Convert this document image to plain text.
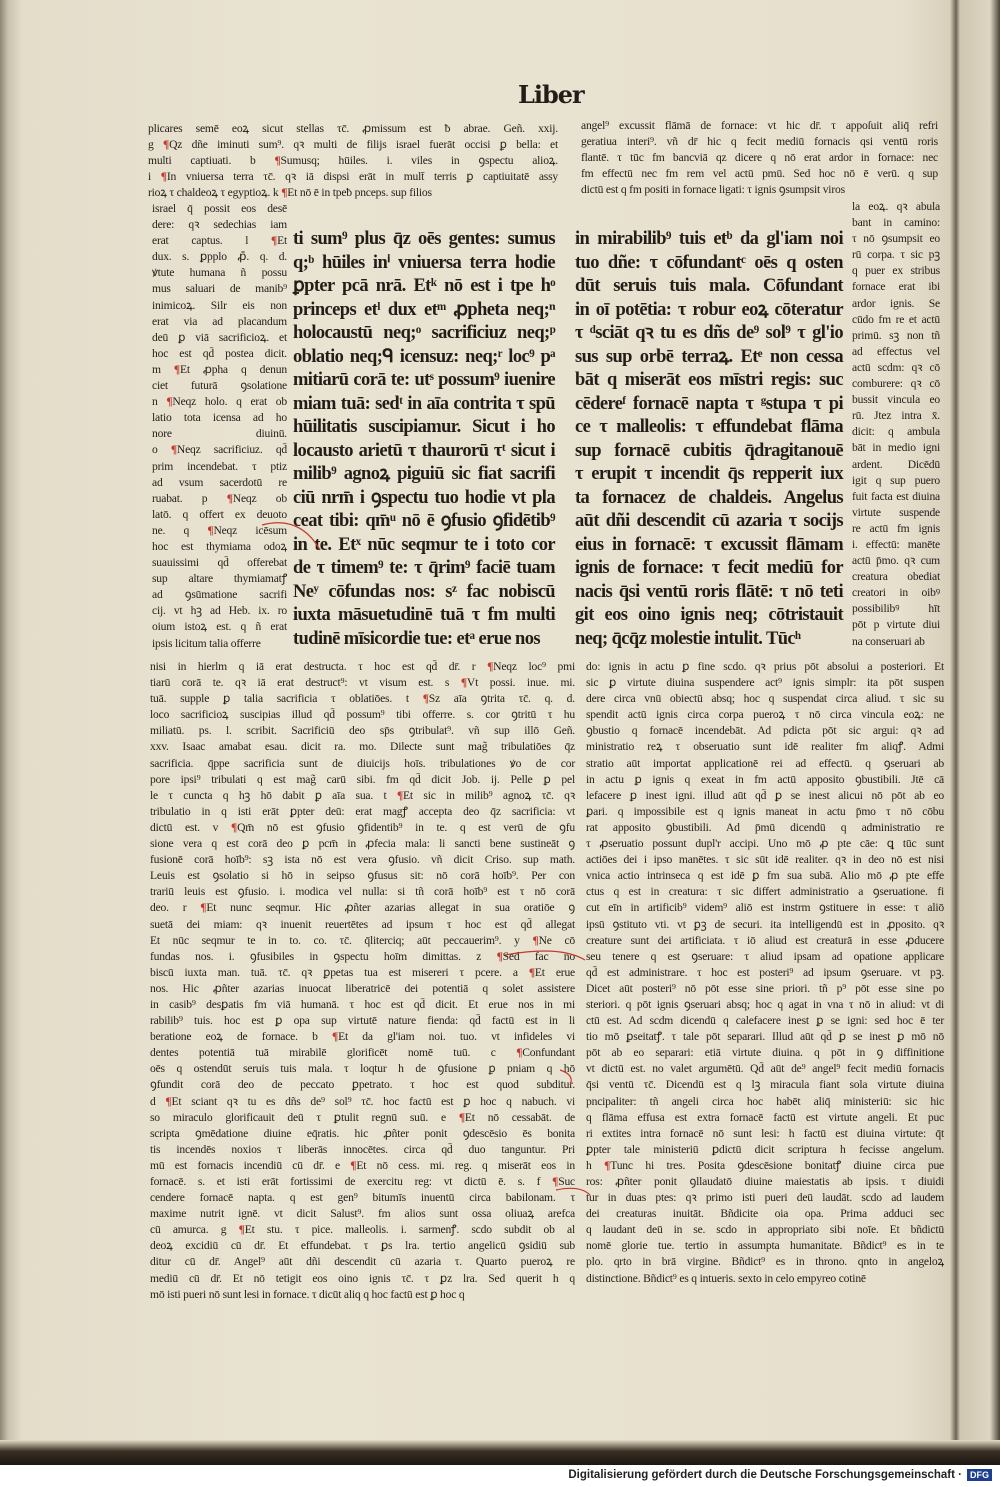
Liber
plicares semē eoꝝ sicut stellas τc̄. ꝓmissum est ƀ abrae. Geñ. xxij.
g ¶Qz dñe iminuti sum⁹. qꝛ multi de filijs israel fuerāt occisi ꝑ bella: et
multi captiuati. b ¶Sumusq; hūiles. i. viles in ꝯspectu alioꝝ.
i ¶In vniuersa terra τc̄. qꝛ iā dispsi erāt in mult̄ terris ꝑ captiuitatē assy
rioꝝ τ chaldeoꝝ τ egyptioꝝ. k ¶Et nō ē in tpeƀ pnceps. sup filios
israel q̄ possit eos desē
dere: qꝛ sedechias iam
erat captus. l ¶Et
dux. s. ꝑpplo ꝓ̄. q. d.
ꝟtute humana ñ possu
mus saluari de manib⁹
inimicoꝝ. Silr eis non
erat via ad placandum
deū ꝑ viā sacrificioꝝ. et
hoc est qd̄ postea dicit.
m ¶Et ꝓpha q denun
ciet futurā ꝯsolatione
n ¶Neqz holo. q erat ob
latio tota icensa ad ho
nore diuinū.
o ¶Neqz sacrificiuz. qd̄
prim incendebat. τ ptiz
ad vsum sacerdotū re
ruabat. p ¶Neqz ob
latō. q offert ex deuoto
ne. q ¶Neqz icēsum
hoc est thymiama odoꝝ
suauissimi qd̄ offerebat
sup altare thymiamatꝭ
ad ꝯsūmatione sacrifi
cij. vt hꝫ ad Heb. ix. ro
oium istoꝝ est. q ñ erat
ipsis licitum talia offerre
ti sum⁹ plus q̄z oēs gentes: sumus
q;ᵇ hūiles inⁱ vniuersa terra hodie
ꝑpter pcā nrā. Etᵏ nō est i tpe hᵒ
princeps etˡ dux etᵐ ꝓpheta neq;ⁿ
holocaustū neq;ᵒ sacrificiuz neq;ᵖ
oblatio neq;ᑫ icensuz: neq;ʳ loc⁹ pᵃ
mitiarū corā te: utˢ possum⁹ iuenire
miam tuā: sedᵗ in aīa contrita τ spū
hūilitatis suscipiamur. Sicut i ho
locausto arietū τ thaurorū τᵗ sicut i
milib⁹ agnoꝝ piguiū sic fiat sacrifi
ciū nrm̄ i ꝯspectu tuo hodie vt pla
ceat tibi: qm̄ᵘ nō ē ꝯfusio ꝯfidētib⁹
in te. Etˣ nūc seqmur te i toto cor
de τ timem⁹ te: τ q̄rim⁹ faciē tuam
Neʸ cōfundas nos: sᶻ fac nobiscū
iuxta māsuetudinē tuā τ fm multi
tudinē mīsicordie tue: etᵃ erue nos
in mirabilib⁹ tuis etᵇ da gl'iam noi
tuo dñe: τ cōfundantᶜ oēs q osten
dūt seruis tuis mala. Cōfundant
in oī potētia: τ robur eoꝝ cōteratur
τ ᵈsciāt qꝛ tu es dñs de⁹ sol⁹ τ gl'io
sus sup orbē terraꝝ. Etᵉ non cessa
bāt q miserāt eos mīstri regis: suc
cēdereᶠ fornacē napta τ ᵍstupa τ pi
ce τ malleolis: τ effundebat flāma
sup fornacē cubitis q̄dragitanouē
τ erupit τ incendit q̄s repperit iux
ta fornacez de chaldeis. Angelus
aūt dñi descendit cū azaria τ socijs
eius in fornacē: τ excussit flāmam
ignis de fornace: τ fecit mediū for
nacis q̄si ventū roris flātē: τ nō teti
git eos oino ignis neq; cōtristauit
neq; q̄cq̄z molestie intulit. Tūcʰ
angel⁹ excussit flāmā de fornace: vt hic dr̄. τ appoſuit aliq̄ refri
geratiua interi⁹. vñ dr̄ hic q fecit mediū fornacis qsi ventū roris
flantē. τ tūc fm bancviā qz dicere q nō erat ardor in fornace: nec
fm effectū nec fm rem vel actū pmū. Sed hoc nō ē verū. q sup
dictū est q fm positi in fornace ligati: τ ignis ꝯsumpsit viros
la eoꝝ. qꝛ abula
bant in camino:
τ nō ꝯsumpsit eo
rū corpa. τ sic pꝫ
q puer ex stribus
fornace erat ibi
ardor ignis. Se
cūdo fm re et actū
primū. sꝫ non tñ
ad effectus vel
actū scdm: qꝛ cō
comburere: qꝛ cō
bussit vincula eo
rū. Jtez intra x̄.
dicit: q ambula
bāt in medio igni
ardent. Dicēdū
igit q sup puero
fuit facta est diuina
virtute suspende
re actū fm ignis
i. effectū: manēte
actū p̄mo. qꝛ cum
creatura obediat
creatori in oibꝰ
possibilibꝰ hīt
pōt p virtute diui
na conseruari ab
nisi in hierlm q iā erat destructa. τ hoc est qd̄ dr̄. r ¶Neqz loc⁹ pmi
tiarū corā te. qꝛ iā erat destruct⁹: vt visum est. s ¶Vt possi. inue. mi.
tuā. supple ꝑ talia sacrificia τ oblatiōes. t ¶Sz aīa ꝯtrita τc̄. q. d.
loco sacrificioꝝ suscipias illud qd̄ possum⁹ tibi offerre. s. cor ꝯtritū τ hu
miliatū. ps. l. scribit. Sacrificiū deo sp̄s ꝯtribulat⁹. vñ sup illō Geñ.
xxv. Isaac amabat esau. dicit ra. mo. Dilecte sunt mag̃ tribulatiōes q̄z
sacrificia. q̄ppe sacrificia sunt de diuicijs hoīs. tribulationes ꝟo de cor
pore ipsi⁹ tribulati q est mag̃ carū sibi. fm qd̄ dicit Job. ij. Pelle ꝑ pel
le τ cuncta q hꝫ hō dabit ꝑ aīa sua. t ¶Et sic in milib⁹ agnoꝝ τc̄. qꝛ
tribulatio in q isti erāt ꝑpter deū: erat magꝭ accepta deo q̄z sacrificia: vt
dictū est. v ¶Qm̄ nō est ꝯfusio ꝯfidentib⁹ in te. q est verū de ꝯfu
sione vera q est corā deo ꝑ pcm̄ in ꝓfecia mala: li sancti bene sustineāt ꝯ
fusionē corā hoīb⁹: sꝫ ista nō est vera ꝯfusio. vñ dicit Criso. sup math.
Leuis est ꝯsolatio si hō in seipso ꝯfusus sit: nō corā hoīb⁹. Per con
trariū leuis est ꝯfusio. i. modica vel nulla: si tñ corā hoīb⁹ est τ nō corā
deo. r ¶Et nunc seqmur. Hic ꝓñter azarias allegat in sua oratiōe ꝯ
suetā dei miam: qꝛ inuenit reuertētes ad ipsum τ hoc est qd̄ allegat
Et nūc seqmur te in to. co. τc̄. q̄literciq; aūt peccauerim⁹. y ¶Ne cō
fundas nos. i. ꝯfusibiles in ꝯspectu hoīm dimittas. z ¶Sed fac no
biscū iuxta man. tuā. τc̄. qꝛ ꝑpetas tua est misereri τ pcere. a ¶Et erue
nos. Hic ꝓñter azarias inuocat liberatricē dei potentiā q solet assistere
in casib⁹ desꝑatis fm viā humanā. τ hoc est qd̄ dicit. Et erue nos in mi
rabilib⁹ tuis. hoc est ꝑ opa sup virtutē nature fienda: qd̄ factū est in li
beratione eoꝝ de fornace. b ¶Et da gl'iam noi. tuo. vt infideles vi
dentes potentiā tuā mirabilē glorificēt nomē tuū. c ¶Confundant
oēs q ostendūt seruis tuis mala. τ loqtur h de ꝯfusione ꝑ pniam q hō
ꝯfundit corā deo de peccato ꝑpetrato. τ hoc est quod subditur.
d ¶Et sciant qꝛ tu es dñs de⁹ sol⁹ τc̄. hoc factū est ꝑ hoc q nabuch. vi
so miraculo glorificauit deū τ ꝑtulit regnū suū. e ¶Et nō cessabāt. de
scripta ꝯmēdatione diuine eq̄ratis. hic ꝓñter ponit ꝯdescēsio ēs bonita
tis incendēs noxios τ liberās innocētes. circa qd̄ duo tanguntur. Pri
mū est fornacis incendiū cū dr̄. e ¶Et nō cess. mi. reg. q miserāt eos in
fornacē. s. et isti erāt fortissimi de exercitu reg: vt dictū ē. s. f ¶Suc
cendere fornacē napta. q est gen⁹ bitumīs inuentū circa babilonam. τ
maxime nutrit ignē. vt dicit Salust⁹. fm alios sunt ossa oliuaꝝ arefca
cū amurca. g ¶Et stu. τ pice. malleolis. i. sarmenꝭ. scdo subdit ob al
deoꝝ excidiū cū dr̄. Et effundebat. τ ꝑs lra. tertio angelicū ꝯsidiū sub
ditur cū dr̄. Angel⁹ aūt dñi descendit cū azaria τ. Quarto pueroꝝ re
mediū cū dr̄. Et nō tetigit eos oino ignis τc̄. τ ꝑz lra. Sed querit h q
mō isti pueri nō sunt lesi in fornace. τ dicūt aliq q hoc factū est ꝑ hoc q
do: ignis in actu ꝑ fine scdo. qꝛ prius pōt absolui a posteriori. Et
sic ꝑ virtute diuina suspendere act⁹ ignis simplr: ita pōt suspen
dere circa vnū obiectū absq; hoc q suspendat circa aliud. τ sic su
spendit actū ignis circa corpa pueroꝝ τ nō circa vincula eoꝝ: ne
ꝯbustio q fornacē incendebāt. Ad pdicta pōt sic argui: qꝛ ad
ministratio reꝝ τ obseruatio sunt idē realiter fm aliqꝭ. Admi
stratio aūt importat applicationē rei ad effectū. q ꝯseruari ab
in actu ꝑ ignis q exeat in fm actū apposito ꝯbustibili. Jtē cā
lefacere ꝑ inest igni. illud aūt qd̄ ꝑ se inest alicui nō pōt ab eo
ꝑari. q impossibile est q ignis maneat in actu p̄mo τ nō cōbu
rat apposito ꝯbustibili. Ad p̄mū dicendū q administratio re
τ ꝓseruatio possunt dupl'r accipi. Uno mō ꝓ pte cāe: ꝗ tūc sunt
actiōes dei i ipso manētes. τ sic sūt idē realiter. qꝛ in deo nō est nisi
vnica actio intrinseca q est idē ꝑ fm sua subā. Alio mō ꝓ pte effe
ctus q est in creatura: τ sic differt administratio a ꝯseruatione. fi
cut eīn in artificib⁹ videm⁹ aliō est instrm ꝯstituere in esse: τ aliō
ipsū ꝯstituto vti. vt ꝑꝫ de securi. ita intelligendū est in ꝓposito. qꝛ
creature sunt dei artificiata. τ iō aliud est creaturā in esse ꝓducere
seu tenere q est ꝯseruare: τ aliud ipsam ad opatione applicare
qd̄ est administrare. τ hoc est posteri⁹ ad ipsum ꝯseruare. vt pꝫ.
Dicet aūt posteri⁹ nō pōt esse sine priori. tñ p⁹ pōt esse sine po
steriori. q pōt ignis ꝯseruari absq; hoc q agat in vna τ nō in aliud: vt di
ctū est. Ad scdm dicendū q calefacere inest ꝑ se igni: sed hoc ē ter
tio mō ꝑseitatꝭ. τ tale pōt separari. Illud aūt qd̄ ꝑ se inest ꝑ mō nō
pōt ab eo separari: etiā virtute diuina. q pōt in ꝯ diffinitione
vt dictū est. no valet argumētū. Qd̄ aūt de⁹ angel⁹ fecit mediū fornacis
q̄si ventū τc̄. Dicendū est q lꝫ miracula fiant sola virtute diuina
pncipaliter: tñ angeli circa hoc habēt aliq̄ ministeriū: sic hic
q flāma effusa est extra fornacē factū est virtute angeli. Et puc
ri extites intra fornacē nō sunt lesi: h factū est diuina virtute: q̄t
ꝑpter tale ministeriū ꝑdictū dicit scriptura h fecisse angelum.
h ¶Tunc hi tres. Posita ꝯdescēsione bonitatꝭ diuine circa pue
ros: ꝓñter ponit ꝯllaudatō diuine maiestatis ab ipsis. τ diuidi
tur in duas ptes: qꝛ primo isti pueri deū laudāt. scdo ad laudem
dei creaturas inuitāt. Bñdicite oia opa. Prima adduci sec
q laudant deū in se. scdo in appropriato sibi noīe. Et bñdictū
nomē glorie tue. tertio in assumpta humanitate. Bñdict⁹ es in te
plo. qrto in brā virgine. Bñdict⁹ es in throno. qnto in angeloꝝ
distinctione. Bñdict⁹ es q intueris. sexto in celo empyreo cotinē
Digitalisierung gefördert durch die Deutsche Forschungsgemeinschaft · DFG
